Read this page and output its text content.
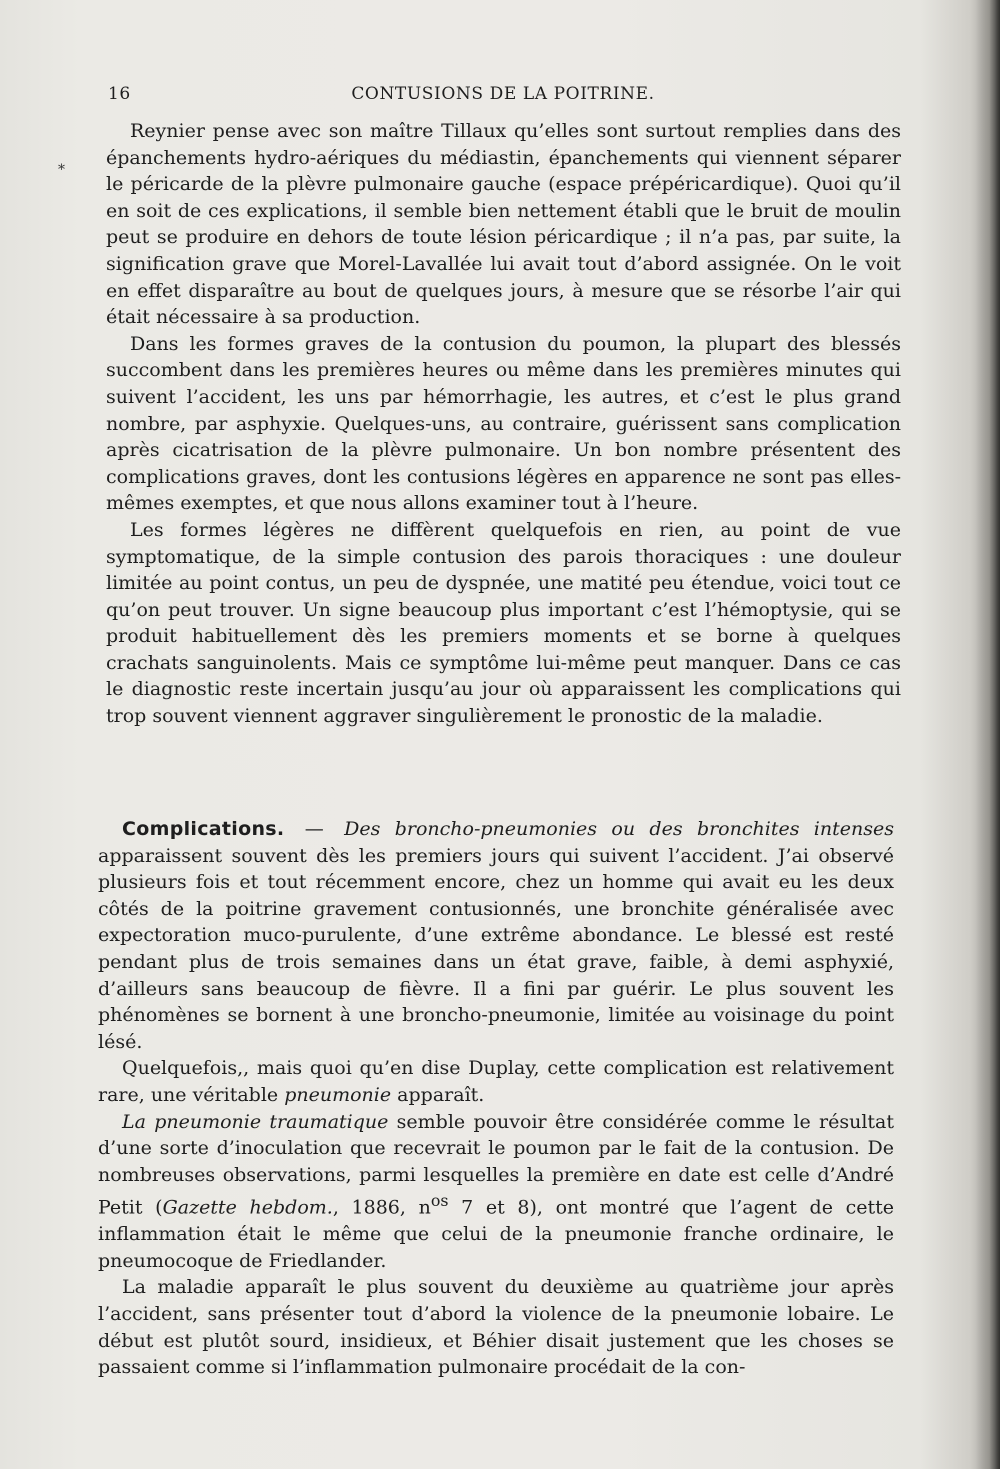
16	CONTUSIONS DE LA POITRINE.
*

Reynier pense avec son maître Tillaux qu’elles sont surtout remplies dans des épanchements hydro-aériques du médiastin, épanchements qui viennent séparer le péricarde de la plèvre pulmonaire gauche (espace prépéricardique). Quoi qu’il en soit de ces explications, il semble bien nettement établi que le bruit de moulin peut se produire en dehors de toute lésion péricardique ; il n’a pas, par suite, la signification grave que Morel-Lavallée lui avait tout d’abord assignée. On le voit en effet disparaître au bout de quelques jours, à mesure que se résorbe l’air qui était nécessaire à sa production.

Dans les formes graves de la contusion du poumon, la plupart des blessés succombent dans les premières heures ou même dans les premières minutes qui suivent l’accident, les uns par hémorrhagie, les autres, et c’est le plus grand nombre, par asphyxie. Quelques-uns, au contraire, guérissent sans complication après cicatrisation de la plèvre pulmonaire. Un bon nombre présentent des complications graves, dont les contusions légères en apparence ne sont pas elles-mêmes exemptes, et que nous allons examiner tout à l’heure.

Les formes légères ne diffèrent quelquefois en rien, au point de vue symptomatique, de la simple contusion des parois thoraciques : une douleur limitée au point contus, un peu de dyspnée, une matité peu étendue, voici tout ce qu’on peut trouver. Un signe beaucoup plus important c’est l’hémoptysie, qui se produit habituellement dès les premiers moments et se borne à quelques crachats sanguinolents. Mais ce symptôme lui-même peut manquer. Dans ce cas le diagnostic reste incertain jusqu’au jour où apparaissent les complications qui trop souvent viennent aggraver singulièrement le pronostic de la maladie.

Complications. — Des broncho-pneumonies ou des bronchites intenses apparaissent souvent dès les premiers jours qui suivent l’accident. J’ai observé plusieurs fois et tout récemment encore, chez un homme qui avait eu les deux côtés de la poitrine gravement contusionnés, une bronchite généralisée avec expectoration muco-purulente, d’une extrême abondance. Le blessé est resté pendant plus de trois semaines dans un état grave, faible, à demi asphyxié, d’ailleurs sans beaucoup de fièvre. Il a fini par guérir. Le plus souvent les phénomènes se bornent à une broncho-pneumonie, limitée au voisinage du point lésé.

Quelquefois,, mais quoi qu’en dise Duplay, cette complication est relativement rare, une véritable pneumonie apparaît.

La pneumonie traumatique semble pouvoir être considérée comme le résultat d’une sorte d’inoculation que recevrait le poumon par le fait de la contusion. De nombreuses observations, parmi lesquelles la première en date est celle d’André Petit (Gazette hebdom., 1886, $n^{os}$ 7 et 8), ont montré que l’agent de cette inflammation était le même que celui de la pneumonie franche ordinaire, le pneumocoque de Friedlander.

La maladie apparaît le plus souvent du deuxième au quatrième jour après l’accident, sans présenter tout d’abord la violence de la pneumonie lobaire. Le début est plutôt sourd, insidieux, et Béhier disait justement que les choses se passaient comme si l’inflammation pulmonaire procédait de la con-
